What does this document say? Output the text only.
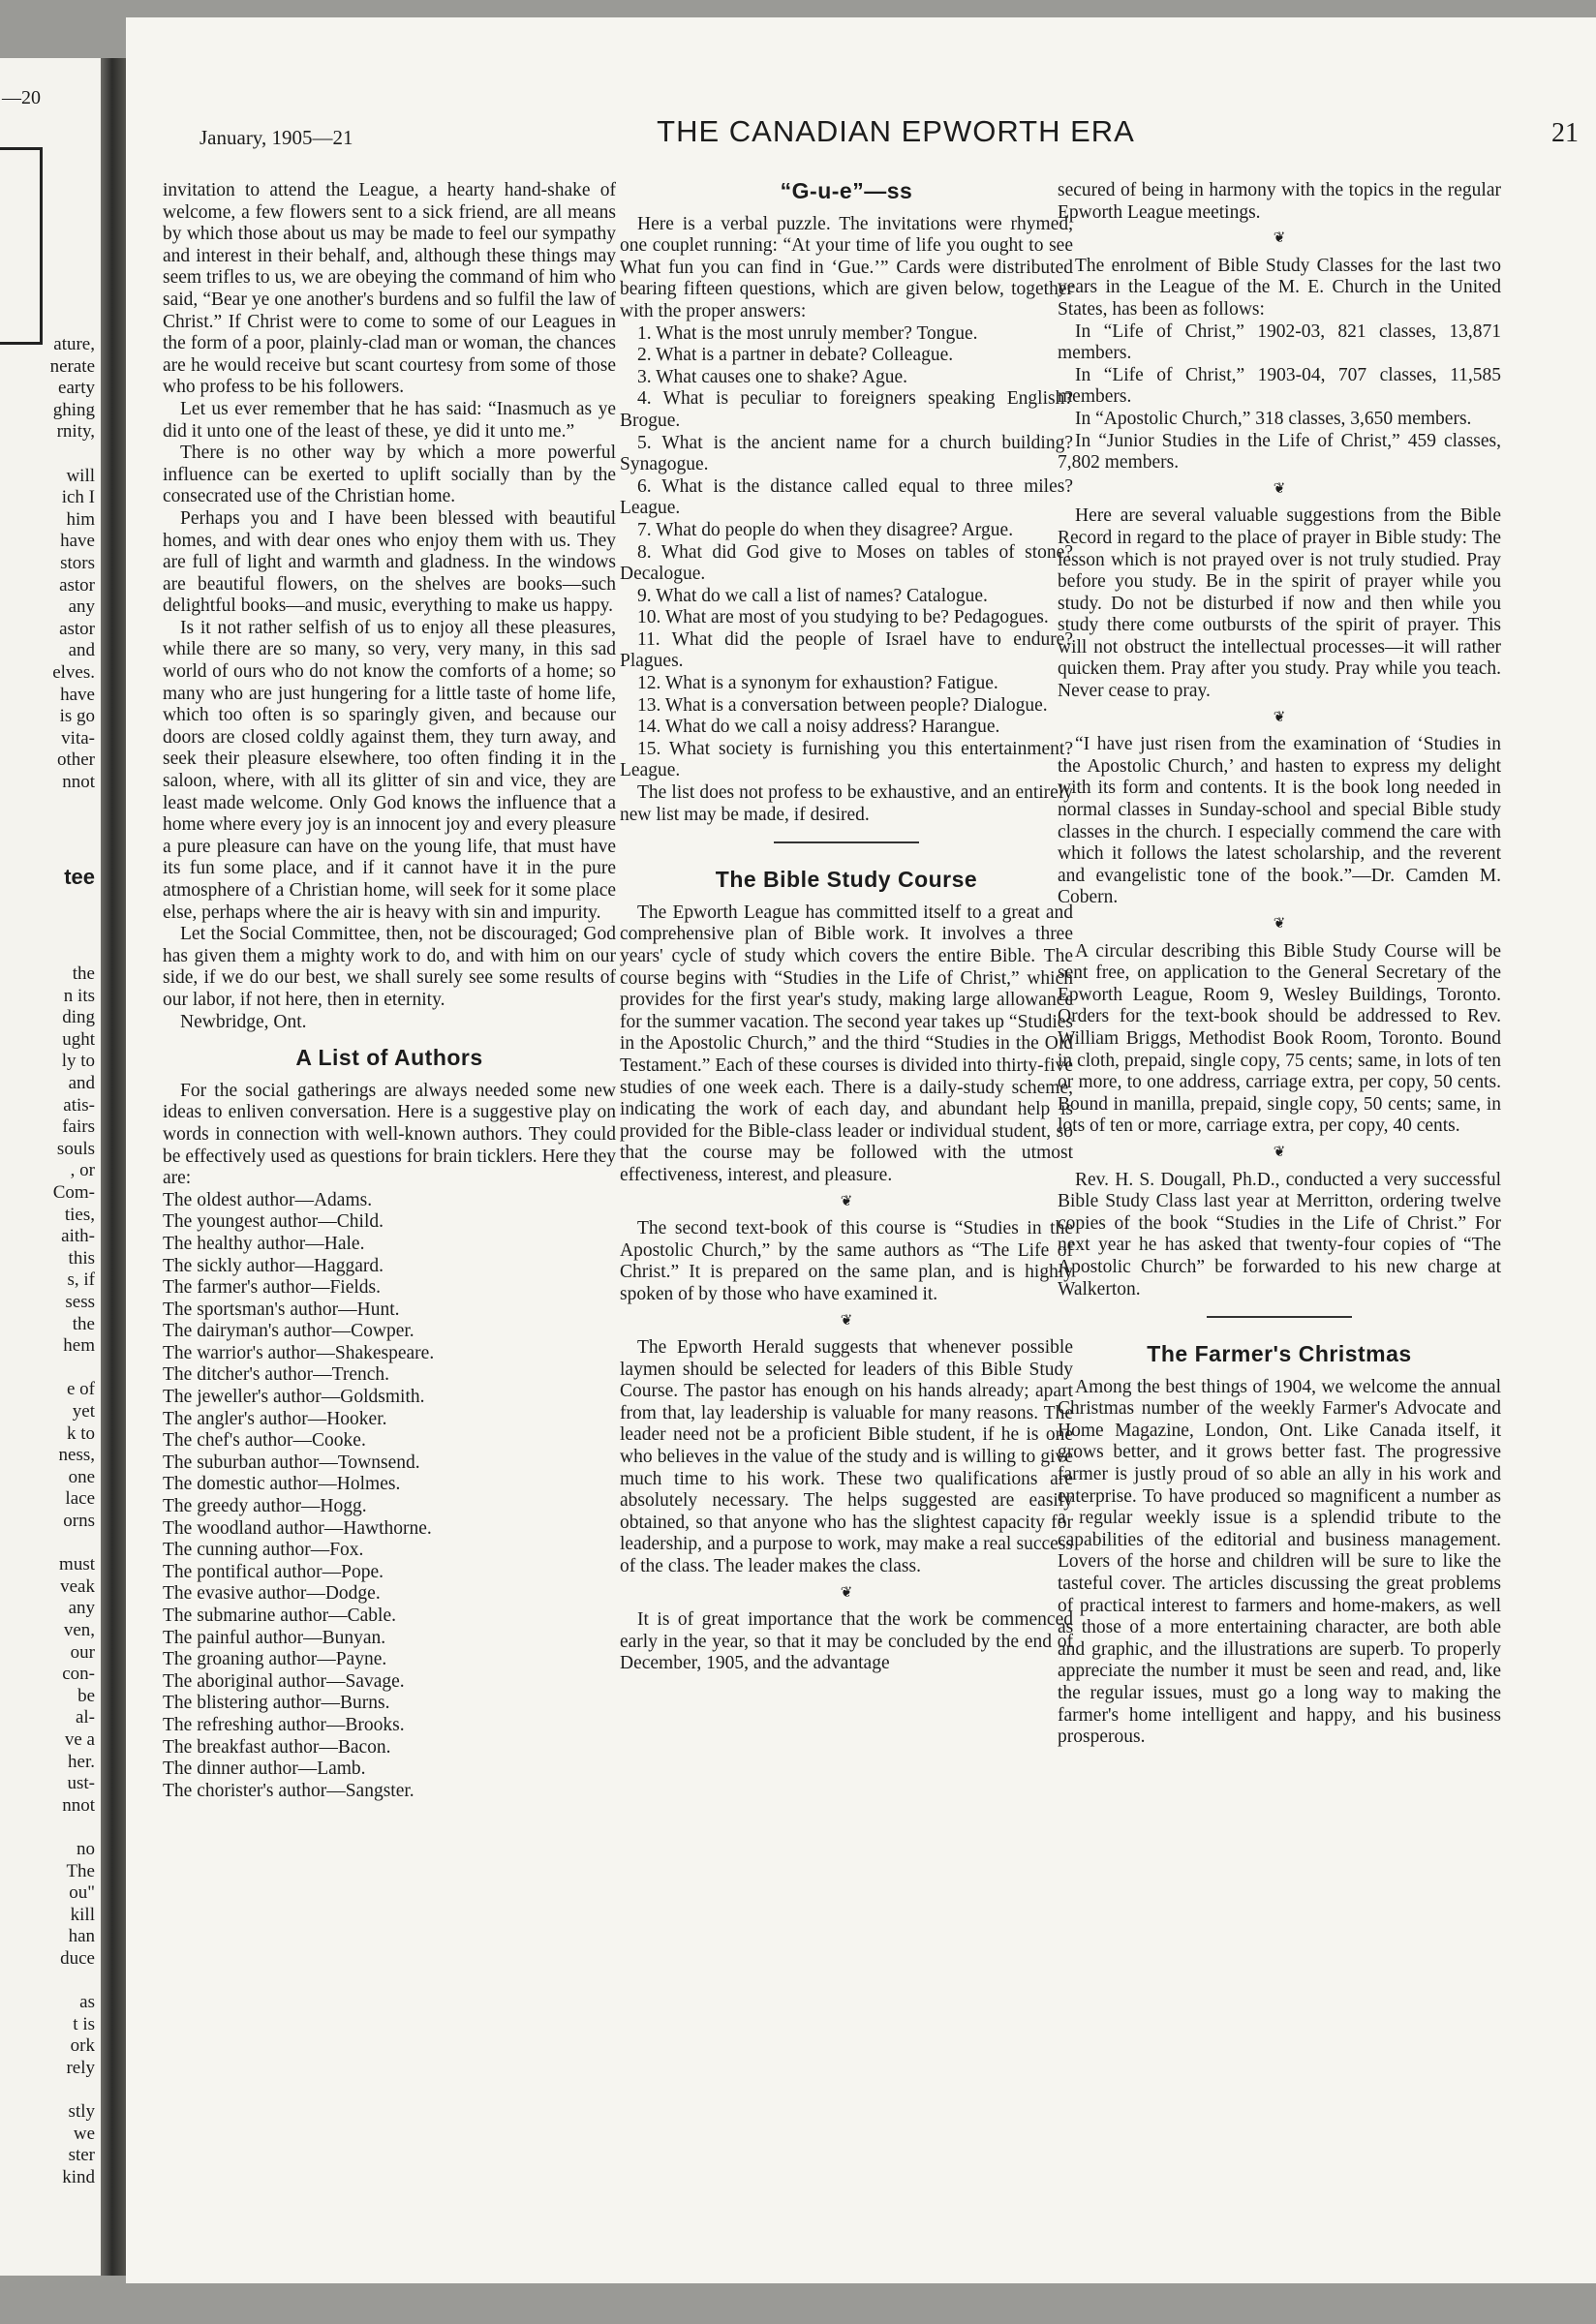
—20
ature,
nerate
earty
ghing
rnity,
will
ich I
him
have
stors
astor
any
astor
and
elves.
have
is go
vita-
other
nnot
tee
the
n its
ding
ught
ly to
and
atis-
fairs
souls
, or
Com-
ties,
aith-
this
s, if
sess
the
hem
e of
yet
k to
ness,
one
lace
orns
must
veak
any
ven,
our
con-
be
al-
ve a
her.
ust-
nnot
no
The
ou"
kill
han
duce
as
t is
ork
rely
stly
we
ster
kind
January, 1905—21	THE CANADIAN EPWORTH ERA	21

invitation to attend the League, a hearty hand-shake of welcome, a few flowers sent to a sick friend, are all means by which those about us may be made to feel our sympathy and interest in their behalf, and, although these things may seem trifles to us, we are obeying the command of him who said, “Bear ye one another's burdens and so fulfil the law of Christ.” If Christ were to come to some of our Leagues in the form of a poor, plainly-clad man or woman, the chances are he would receive but scant courtesy from some of those who profess to be his followers.

Let us ever remember that he has said: “Inasmuch as ye did it unto one of the least of these, ye did it unto me.”

There is no other way by which a more powerful influence can be exerted to uplift socially than by the consecrated use of the Christian home.

Perhaps you and I have been blessed with beautiful homes, and with dear ones who enjoy them with us. They are full of light and warmth and gladness. In the windows are beautiful flowers, on the shelves are books—such delightful books—and music, everything to make us happy.

Is it not rather selfish of us to enjoy all these pleasures, while there are so many, so very, very many, in this sad world of ours who do not know the comforts of a home; so many who are just hungering for a little taste of home life, which too often is so sparingly given, and because our doors are closed coldly against them, they turn away, and seek their pleasure elsewhere, too often finding it in the saloon, where, with all its glitter of sin and vice, they are least made welcome. Only God knows the influence that a home where every joy is an innocent joy and every pleasure a pure pleasure can have on the young life, that must have its fun some place, and if it cannot have it in the pure atmosphere of a Christian home, will seek for it some place else, perhaps where the air is heavy with sin and impurity.

Let the Social Committee, then, not be discouraged; God has given them a mighty work to do, and with him on our side, if we do our best, we shall surely see some results of our labor, if not here, then in eternity.

Newbridge, Ont.

A List of Authors

For the social gatherings are always needed some new ideas to enliven conversation. Here is a suggestive play on words in connection with well-known authors. They could be effectively used as questions for brain ticklers. Here they are:

The oldest author—Adams.
The youngest author—Child.
The healthy author—Hale.
The sickly author—Haggard.
The farmer's author—Fields.
The sportsman's author—Hunt.
The dairyman's author—Cowper.
The warrior's author—Shakespeare.
The ditcher's author—Trench.
The jeweller's author—Goldsmith.
The angler's author—Hooker.
The chef's author—Cooke.
The suburban author—Townsend.
The domestic author—Holmes.
The greedy author—Hogg.
The woodland author—Hawthorne.
The cunning author—Fox.
The pontifical author—Pope.
The evasive author—Dodge.
The submarine author—Cable.
The painful author—Bunyan.
The groaning author—Payne.
The aboriginal author—Savage.
The blistering author—Burns.
The refreshing author—Brooks.
The breakfast author—Bacon.
The dinner author—Lamb.
The chorister's author—Sangster.
“G-u-e”—ss

Here is a verbal puzzle. The invitations were rhymed, one couplet running: “At your time of life you ought to see What fun you can find in ‘Gue.’” Cards were distributed bearing fifteen questions, which are given below, together with the proper answers:

1. What is the most unruly member? Tongue.

2. What is a partner in debate? Colleague.

3. What causes one to shake? Ague.

4. What is peculiar to foreigners speaking English? Brogue.

5. What is the ancient name for a church building? Synagogue.

6. What is the distance called equal to three miles? League.

7. What do people do when they disagree? Argue.

8. What did God give to Moses on tables of stone? Decalogue.

9. What do we call a list of names? Catalogue.

10. What are most of you studying to be? Pedagogues.

11. What did the people of Israel have to endure? Plagues.

12. What is a synonym for exhaustion? Fatigue.

13. What is a conversation between people? Dialogue.

14. What do we call a noisy address? Harangue.

15. What society is furnishing you this entertainment? League.

The list does not profess to be exhaustive, and an entirely new list may be made, if desired.

The Bible Study Course

The Epworth League has committed itself to a great and comprehensive plan of Bible work. It involves a three years' cycle of study which covers the entire Bible. The course begins with “Studies in the Life of Christ,” which provides for the first year's study, making large allowance for the summer vacation. The second year takes up “Studies in the Apostolic Church,” and the third “Studies in the Old Testament.” Each of these courses is divided into thirty-five studies of one week each. There is a daily-study scheme, indicating the work of each day, and abundant help is provided for the Bible-class leader or individual student, so that the course may be followed with the utmost effectiveness, interest, and pleasure.

❦

The second text-book of this course is “Studies in the Apostolic Church,” by the same authors as “The Life of Christ.” It is prepared on the same plan, and is highly spoken of by those who have examined it.

❦

The Epworth Herald suggests that whenever possible laymen should be selected for leaders of this Bible Study Course. The pastor has enough on his hands already; apart from that, lay leadership is valuable for many reasons. The leader need not be a proficient Bible student, if he is one who believes in the value of the study and is willing to give much time to his work. These two qualifications are absolutely necessary. The helps suggested are easily obtained, so that anyone who has the slightest capacity for leadership, and a purpose to work, may make a real success of the class. The leader makes the class.

❦

It is of great importance that the work be commenced early in the year, so that it may be concluded by the end of December, 1905, and the advantage

secured of being in harmony with the topics in the regular Epworth League meetings.

❦

The enrolment of Bible Study Classes for the last two years in the League of the M. E. Church in the United States, has been as follows:

In “Life of Christ,” 1902-03, 821 classes, 13,871 members.

In “Life of Christ,” 1903-04, 707 classes, 11,585 members.

In “Apostolic Church,” 318 classes, 3,650 members.

In “Junior Studies in the Life of Christ,” 459 classes, 7,802 members.

❦

Here are several valuable suggestions from the Bible Record in regard to the place of prayer in Bible study: The lesson which is not prayed over is not truly studied. Pray before you study. Be in the spirit of prayer while you study. Do not be disturbed if now and then while you study there come outbursts of the spirit of prayer. This will not obstruct the intellectual processes—it will rather quicken them. Pray after you study. Pray while you teach. Never cease to pray.

❦

“I have just risen from the examination of ‘Studies in the Apostolic Church,’ and hasten to express my delight with its form and contents. It is the book long needed in normal classes in Sunday-school and special Bible study classes in the church. I especially commend the care with which it follows the latest scholarship, and the reverent and evangelistic tone of the book.”—Dr. Camden M. Cobern.

❦

A circular describing this Bible Study Course will be sent free, on application to the General Secretary of the Epworth League, Room 9, Wesley Buildings, Toronto. Orders for the text-book should be addressed to Rev. William Briggs, Methodist Book Room, Toronto. Bound in cloth, prepaid, single copy, 75 cents; same, in lots of ten or more, to one address, carriage extra, per copy, 50 cents. Bound in manilla, prepaid, single copy, 50 cents; same, in lots of ten or more, carriage extra, per copy, 40 cents.

❦

Rev. H. S. Dougall, Ph.D., conducted a very successful Bible Study Class last year at Merritton, ordering twelve copies of the book “Studies in the Life of Christ.” For next year he has asked that twenty-four copies of “The Apostolic Church” be forwarded to his new charge at Walkerton.

The Farmer's Christmas

Among the best things of 1904, we welcome the annual Christmas number of the weekly Farmer's Advocate and Home Magazine, London, Ont. Like Canada itself, it grows better, and it grows better fast. The progressive farmer is justly proud of so able an ally in his work and enterprise. To have produced so magnificent a number as a regular weekly issue is a splendid tribute to the capabilities of the editorial and business management. Lovers of the horse and children will be sure to like the tasteful cover. The articles discussing the great problems of practical interest to farmers and home-makers, as well as those of a more entertaining character, are both able and graphic, and the illustrations are superb. To properly appreciate the number it must be seen and read, and, like the regular issues, must go a long way to making the farmer's home intelligent and happy, and his business prosperous.
